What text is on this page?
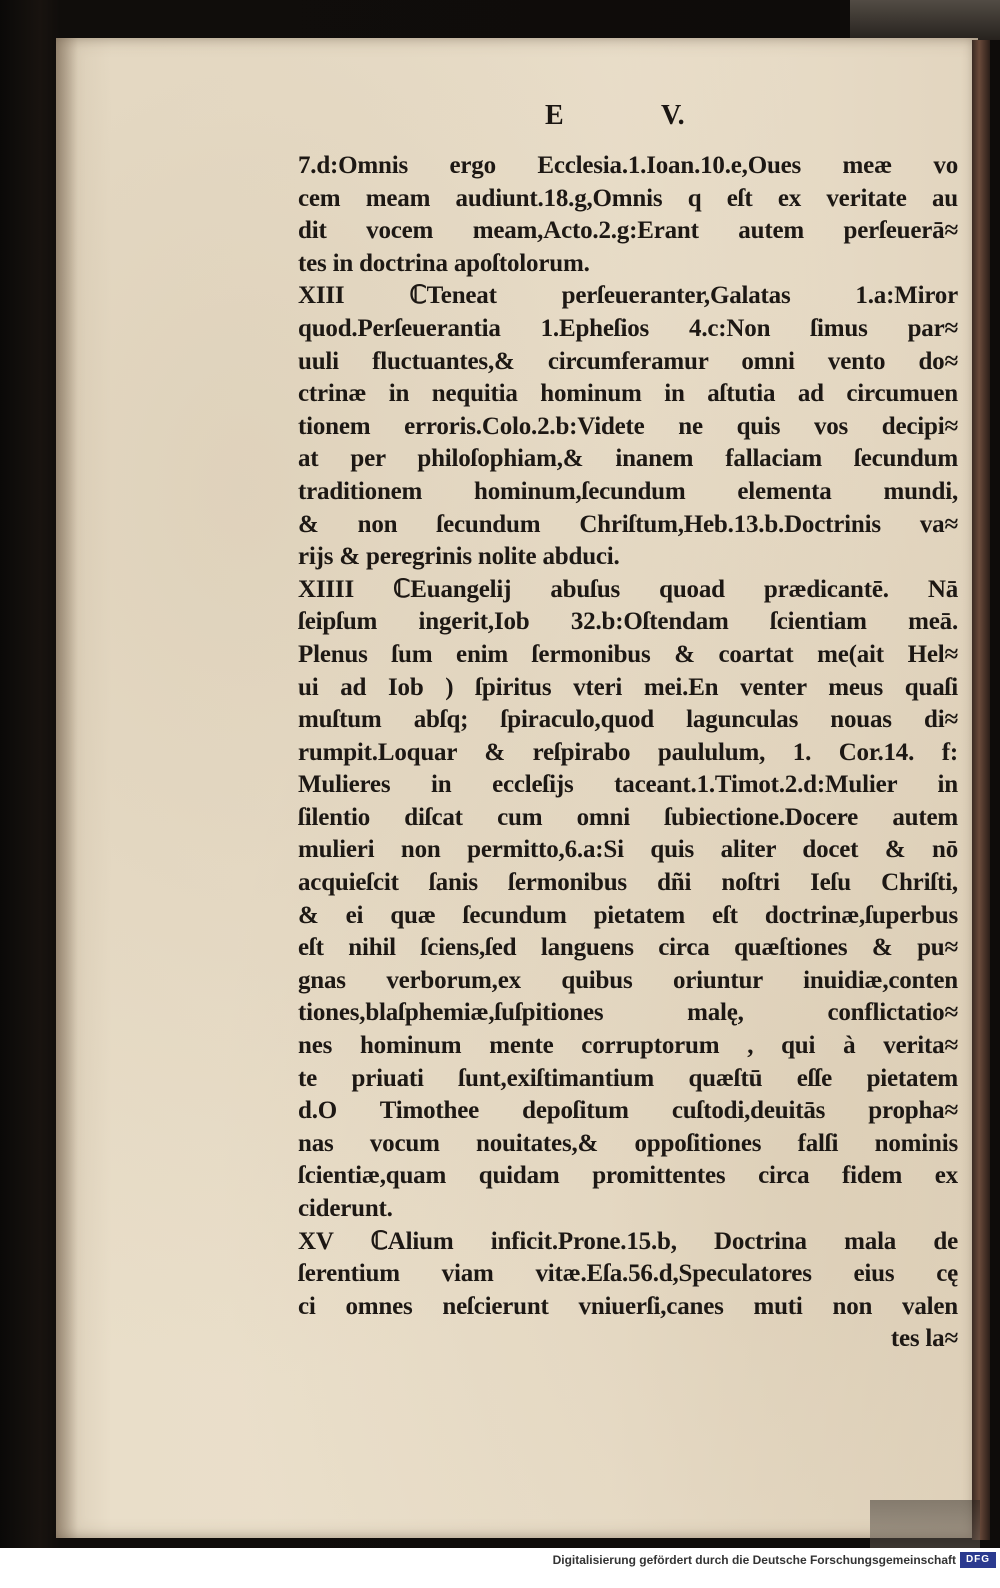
E	V.
7.d:Omnis ergo Ecclesia.1.Ioan.10.e,Oues meæ vo
cem meam audiunt.18.g,Omnis q eſt ex veritate au
dit vocem meam,Acto.2.g:Erant autem perſeuerā≈
tes in doctrina apoſtolorum.
XIII ℂTeneat perſeueranter,Galatas 1.a:Miror
quod.Perſeuerantia 1.Epheſios 4.c:Non ſimus par≈
uuli fluctuantes,& circumferamur omni vento do≈
ctrinæ in nequitia hominum in aſtutia ad circumuen
tionem erroris.Colo.2.b:Videte ne quis vos decipi≈
at per philoſophiam,& inanem fallaciam ſecundum
traditionem hominum,ſecundum elementa mundi,
& non ſecundum Chriſtum,Heb.13.b.Doctrinis va≈
rijs & peregrinis nolite abduci.
XIIII ℂEuangelij abuſus quoad prædicantē. Nā
ſeipſum ingerit,Iob 32.b:Oſtendam ſcientiam meā.
Plenus ſum enim ſermonibus & coartat me(ait Hel≈
ui ad Iob ) ſpiritus vteri mei.En venter meus quaſi
muſtum abſq; ſpiraculo,quod lagunculas nouas di≈
rumpit.Loquar & reſpirabo paululum, 1. Cor.14. f:
Mulieres in eccleſijs taceant.1.Timot.2.d:Mulier in
ſilentio diſcat cum omni ſubiectione.Docere autem
mulieri non permitto,6.a:Si quis aliter docet & nō
acquieſcit ſanis ſermonibus dñi noſtri Ieſu Chriſti,
& ei quæ ſecundum pietatem eſt doctrinæ,ſuperbus
eſt nihil ſciens,ſed languens circa quæſtiones & pu≈
gnas verborum,ex quibus oriuntur inuidiæ,conten
tiones,blaſphemiæ,ſuſpitiones malę, conflictatio≈
nes hominum mente corruptorum , qui à verita≈
te priuati ſunt,exiſtimantium quæſtū eſſe pietatem
d.O Timothee depoſitum cuſtodi,deuitās propha≈
nas vocum nouitates,& oppoſitiones falſi nominis
ſcientiæ,quam quidam promittentes circa fidem ex
ciderunt.
XV ℂAlium inficit.Prone.15.b, Doctrina mala de
ſerentium viam vitæ.Eſa.56.d,Speculatores eius cę
ci omnes neſcierunt vniuerſi,canes muti non valen
tes la≈
Digitalisierung gefördert durch die Deutsche Forschungsgemeinschaft DFG
